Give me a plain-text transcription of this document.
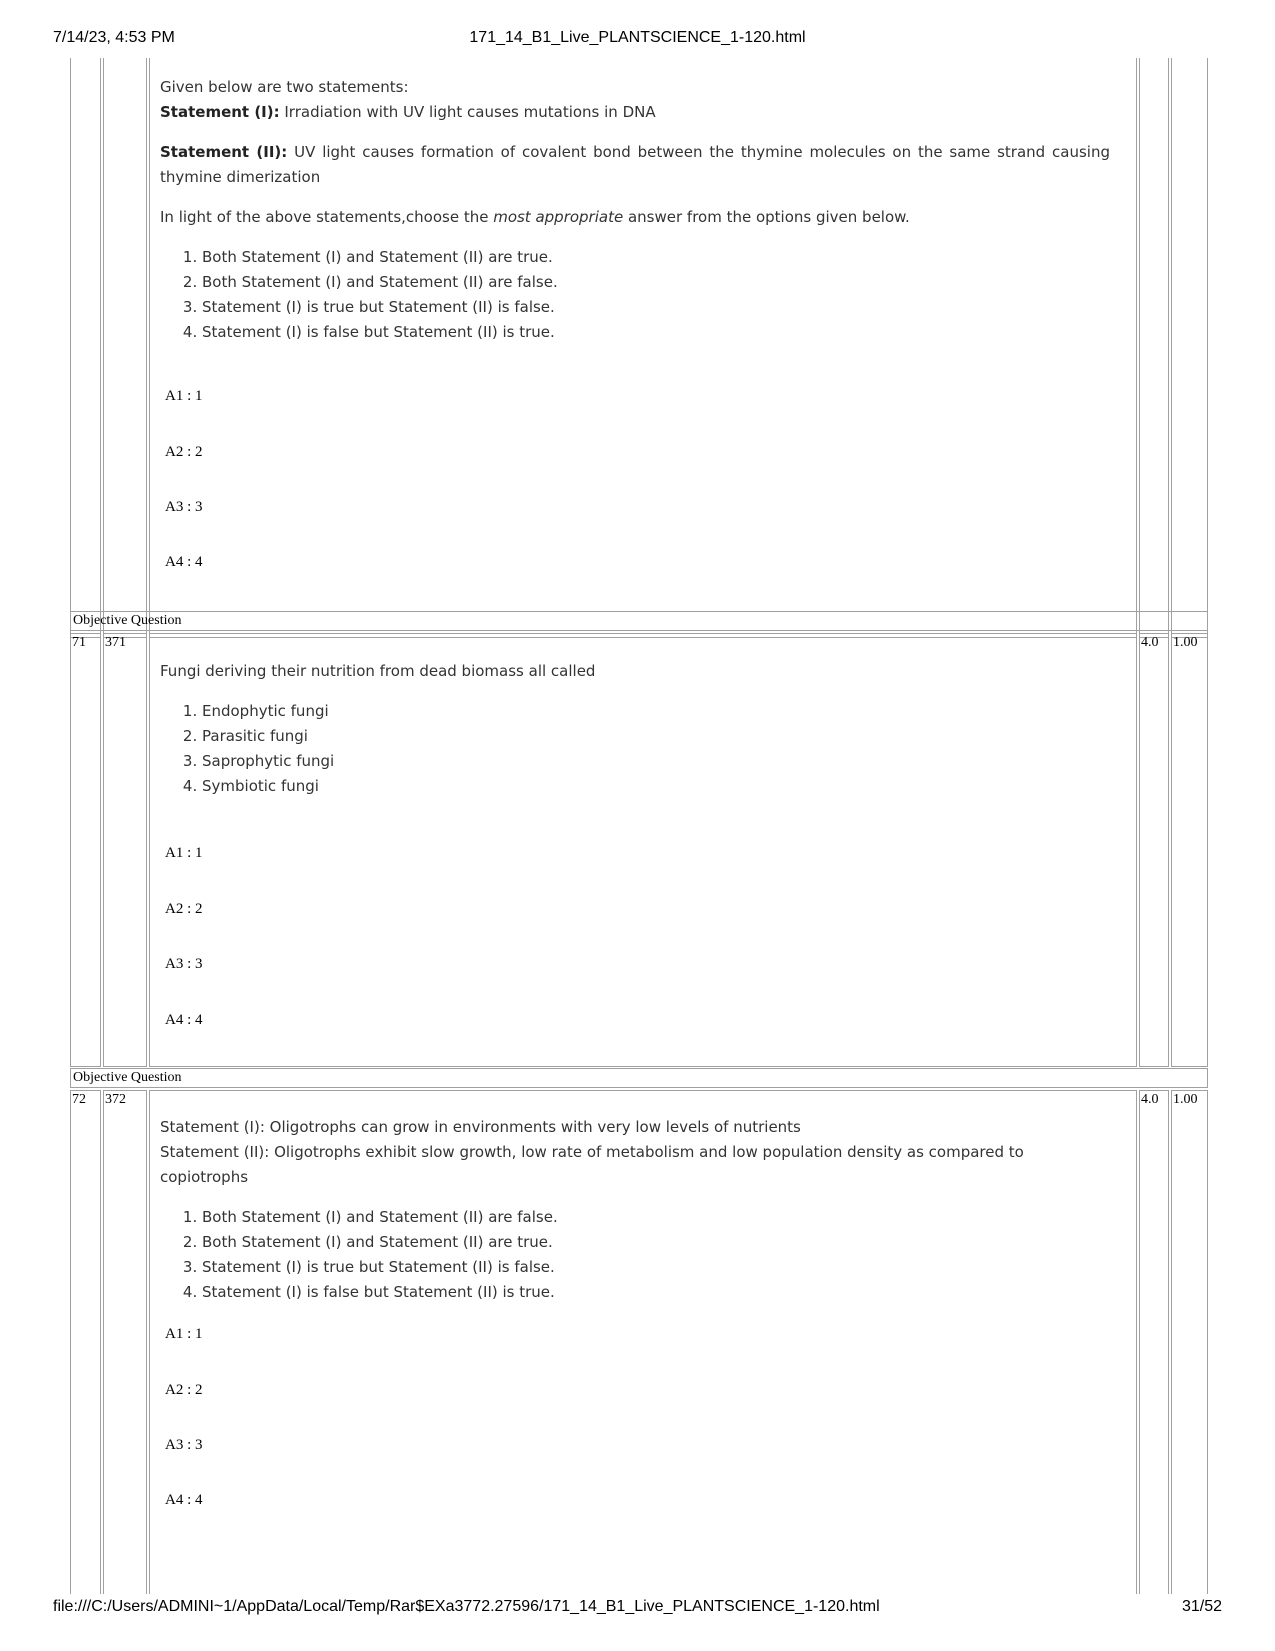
7/14/23, 4:53 PM	171_14_B1_Live_PLANTSCIENCE_1-120.html

Given below are two statements:

Statement (I): Irradiation with UV light causes mutations in DNA

Statement (II): UV light causes formation of covalent bond between the thymine molecules on the same strand causing thymine dimerization

In light of the above statements,choose the most appropriate answer from the options given below.

1. Both Statement (I) and Statement (II) are true.
2. Both Statement (I) and Statement (II) are false.
3. Statement (I) is true but Statement (II) is false.
4. Statement (I) is false but Statement (II) is true.
A1 : 1
A2 : 2
A3 : 3
A4 : 4
Objective Question
71 371	4.0 1.00

Fungi deriving their nutrition from dead biomass all called

1. Endophytic fungi
2. Parasitic fungi
3. Saprophytic fungi
4. Symbiotic fungi
A1 : 1
A2 : 2
A3 : 3
A4 : 4
Objective Question
72 372	4.0 1.00

Statement (I): Oligotrophs can grow in environments with very low levels of nutrients

Statement (II): Oligotrophs exhibit slow growth, low rate of metabolism and low population density as compared to copiotrophs

1. Both Statement (I) and Statement (II) are false.
2. Both Statement (I) and Statement (II) are true.
3. Statement (I) is true but Statement (II) is false.
4. Statement (I) is false but Statement (II) is true.
A1 : 1
A2 : 2
A3 : 3
A4 : 4
file:///C:/Users/ADMINI~1/AppData/Local/Temp/Rar$EXa3772.27596/171_14_B1_Live_PLANTSCIENCE_1-120.html	31/52
